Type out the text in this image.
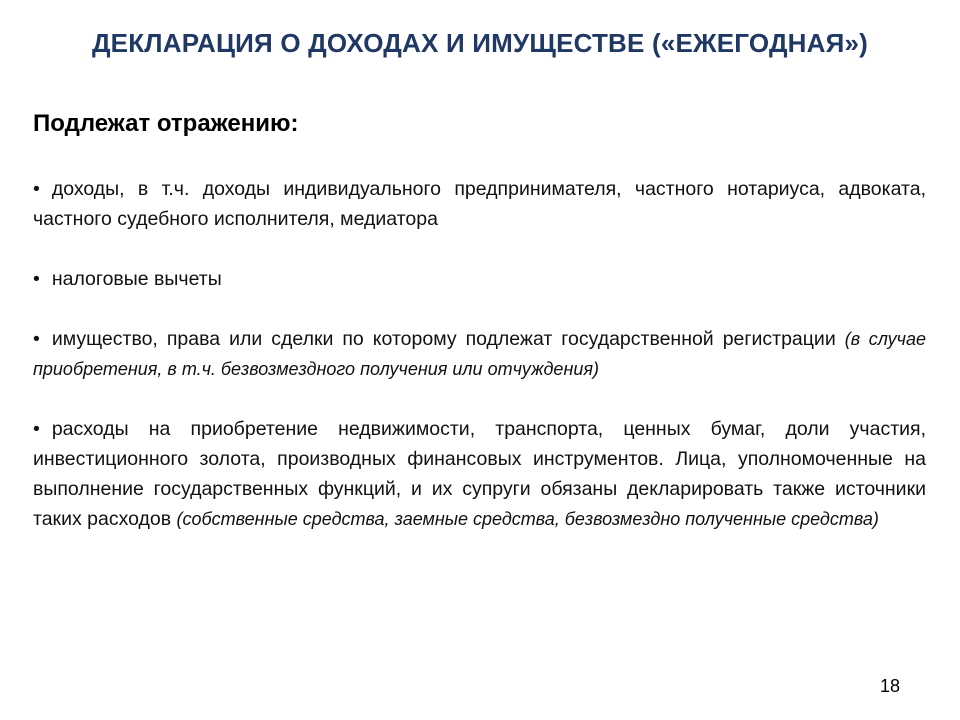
ДЕКЛАРАЦИЯ О ДОХОДАХ И ИМУЩЕСТВЕ («ЕЖЕГОДНАЯ»)
Подлежат отражению:

• доходы, в т.ч. доходы индивидуального предпринимателя, частного нотариуса, адвоката, частного судебного исполнителя, медиатора

• налоговые вычеты

• имущество, права или сделки по которому подлежат государственной регистрации (в случае приобретения, в т.ч. безвозмездного получения или отчуждения)

• расходы на приобретение недвижимости, транспорта, ценных бумаг, доли участия, инвестиционного золота, производных финансовых инструментов. Лица, уполномоченные на выполнение государственных функций, и их супруги обязаны декларировать также источники таких расходов (собственные средства, заемные средства, безвозмездно полученные средства)

18
